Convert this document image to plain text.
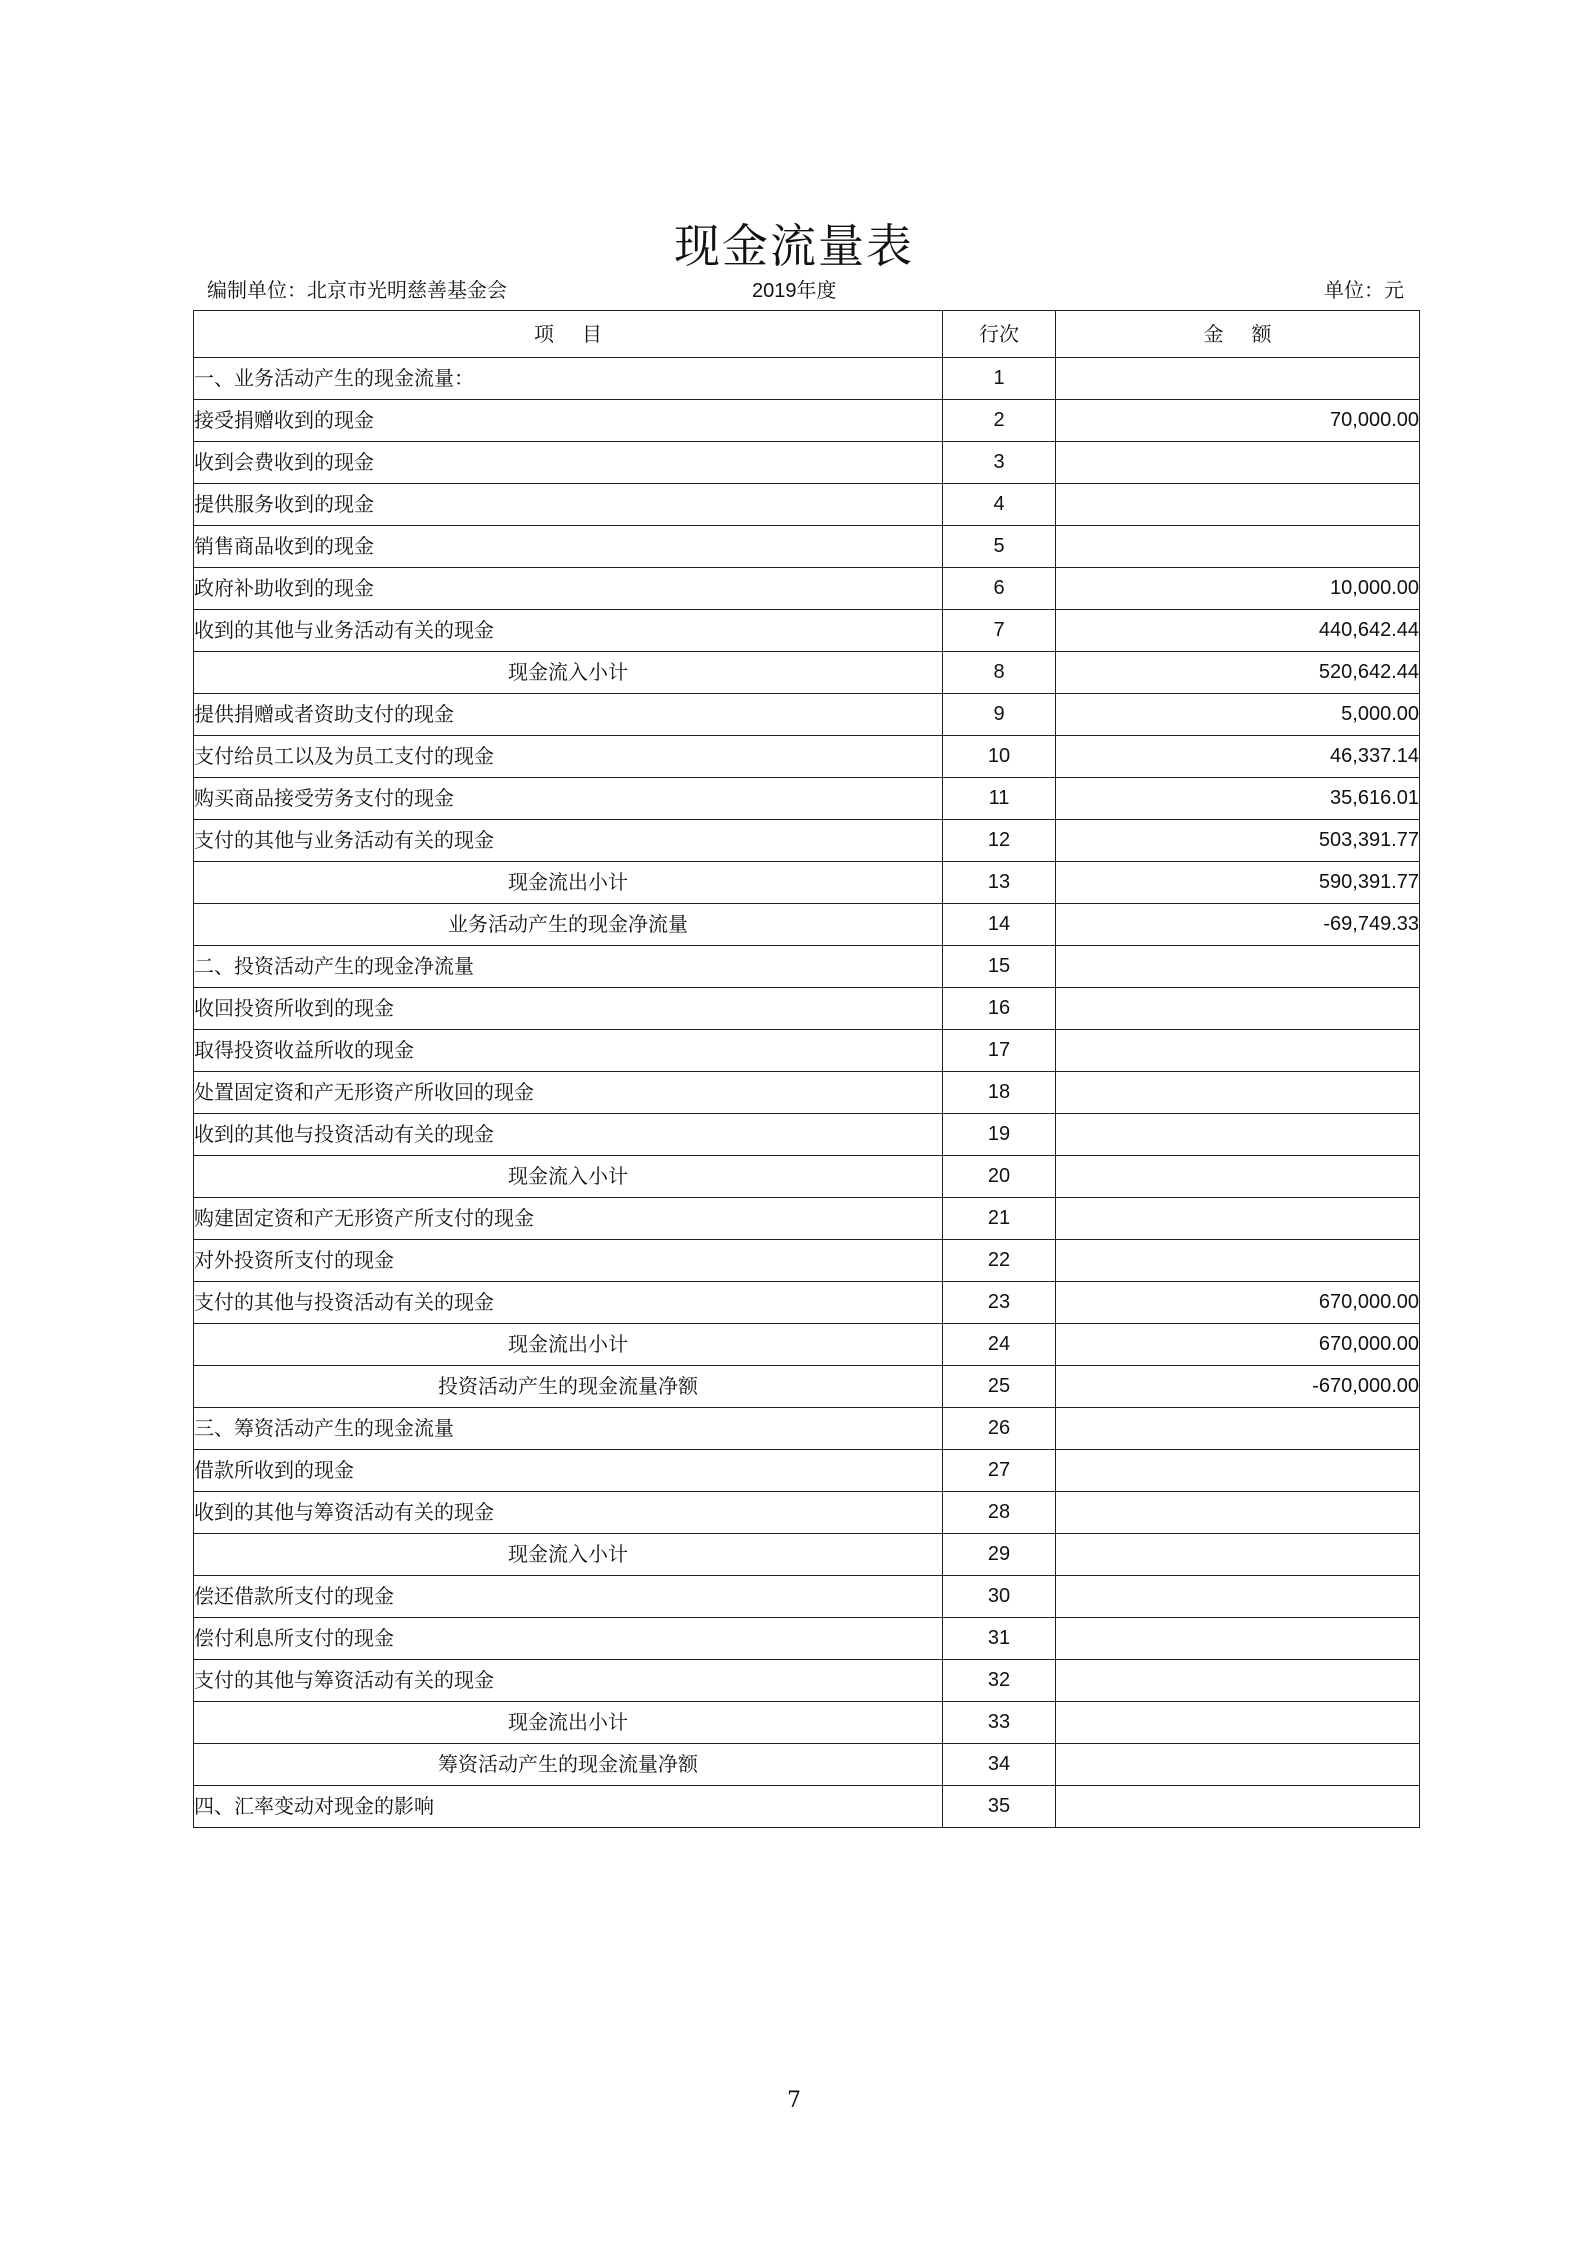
现金流量表
编制单位：北京市光明慈善基金会	2019年度	单位：元
项目	行次	金额
一、业务活动产生的现金流量：	1	
接受捐赠收到的现金	2	70,000.00
收到会费收到的现金	3	
提供服务收到的现金	4	
销售商品收到的现金	5	
政府补助收到的现金	6	10,000.00
收到的其他与业务活动有关的现金	7	440,642.44
现金流入小计	8	520,642.44
提供捐赠或者资助支付的现金	9	5,000.00
支付给员工以及为员工支付的现金	10	46,337.14
购买商品接受劳务支付的现金	11	35,616.01
支付的其他与业务活动有关的现金	12	503,391.77
现金流出小计	13	590,391.77
业务活动产生的现金净流量	14	-69,749.33
二、投资活动产生的现金净流量	15	
收回投资所收到的现金	16	
取得投资收益所收的现金	17	
处置固定资和产无形资产所收回的现金	18	
收到的其他与投资活动有关的现金	19	
现金流入小计	20	
购建固定资和产无形资产所支付的现金	21	
对外投资所支付的现金	22	
支付的其他与投资活动有关的现金	23	670,000.00
现金流出小计	24	670,000.00
投资活动产生的现金流量净额	25	-670,000.00
三、筹资活动产生的现金流量	26	
借款所收到的现金	27	
收到的其他与筹资活动有关的现金	28	
现金流入小计	29	
偿还借款所支付的现金	30	
偿付利息所支付的现金	31	
支付的其他与筹资活动有关的现金	32	
现金流出小计	33	
筹资活动产生的现金流量净额	34	
四、汇率变动对现金的影响	35	
7
